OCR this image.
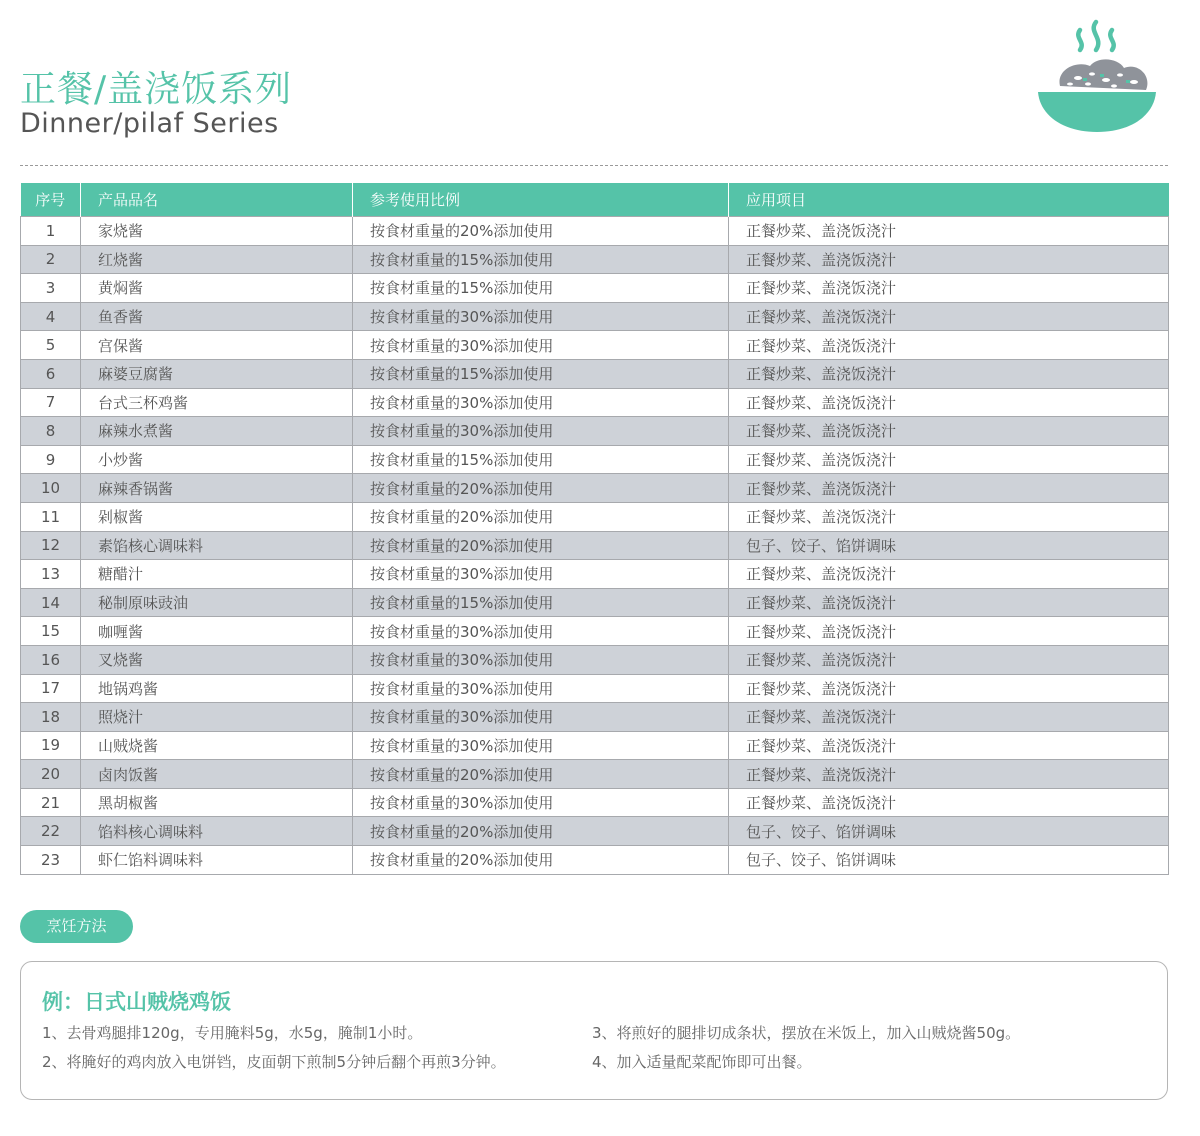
正餐/盖浇饭系列
Dinner/pilaf Series
序号	产品品名	参考使用比例	应用项目
1	家烧酱	按食材重量的20%添加使用	正餐炒菜、盖浇饭浇汁
2	红烧酱	按食材重量的15%添加使用	正餐炒菜、盖浇饭浇汁
3	黄焖酱	按食材重量的15%添加使用	正餐炒菜、盖浇饭浇汁
4	鱼香酱	按食材重量的30%添加使用	正餐炒菜、盖浇饭浇汁
5	宫保酱	按食材重量的30%添加使用	正餐炒菜、盖浇饭浇汁
6	麻婆豆腐酱	按食材重量的15%添加使用	正餐炒菜、盖浇饭浇汁
7	台式三杯鸡酱	按食材重量的30%添加使用	正餐炒菜、盖浇饭浇汁
8	麻辣水煮酱	按食材重量的30%添加使用	正餐炒菜、盖浇饭浇汁
9	小炒酱	按食材重量的15%添加使用	正餐炒菜、盖浇饭浇汁
10	麻辣香锅酱	按食材重量的20%添加使用	正餐炒菜、盖浇饭浇汁
11	剁椒酱	按食材重量的20%添加使用	正餐炒菜、盖浇饭浇汁
12	素馅核心调味料	按食材重量的20%添加使用	包子、饺子、馅饼调味
13	糖醋汁	按食材重量的30%添加使用	正餐炒菜、盖浇饭浇汁
14	秘制原味豉油	按食材重量的15%添加使用	正餐炒菜、盖浇饭浇汁
15	咖喱酱	按食材重量的30%添加使用	正餐炒菜、盖浇饭浇汁
16	叉烧酱	按食材重量的30%添加使用	正餐炒菜、盖浇饭浇汁
17	地锅鸡酱	按食材重量的30%添加使用	正餐炒菜、盖浇饭浇汁
18	照烧汁	按食材重量的30%添加使用	正餐炒菜、盖浇饭浇汁
19	山贼烧酱	按食材重量的30%添加使用	正餐炒菜、盖浇饭浇汁
20	卤肉饭酱	按食材重量的20%添加使用	正餐炒菜、盖浇饭浇汁
21	黑胡椒酱	按食材重量的30%添加使用	正餐炒菜、盖浇饭浇汁
22	馅料核心调味料	按食材重量的20%添加使用	包子、饺子、馅饼调味
23	虾仁馅料调味料	按食材重量的20%添加使用	包子、饺子、馅饼调味
烹饪方法
例：日式山贼烧鸡饭
1、去骨鸡腿排120g，专用腌料5g，水5g，腌制1小时。
2、将腌好的鸡肉放入电饼铛，皮面朝下煎制5分钟后翻个再煎3分钟。
3、将煎好的腿排切成条状，摆放在米饭上，加入山贼烧酱50g。
4、加入适量配菜配饰即可出餐。
